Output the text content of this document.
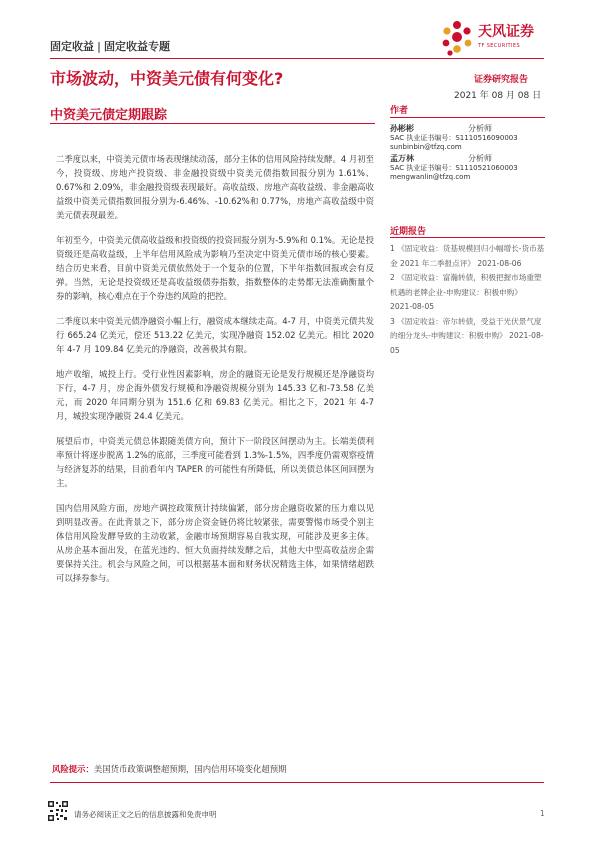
固定收益 | 固定收益专题
天风证券
TF SECURITIES
市场波动，中资美元债有何变化?	证券研究报告
2021 年 08 月 08 日
中资美元债定期跟踪

二季度以来，中资美元债市场表现继续动荡，部分主体的信用风险持续发酵。4 月初至今，投资级、房地产投资级、非金融投资级中资美元债指数回报分别为 1.61%、0.67%和 2.09%，非金融投资级表现最好。高收益级、房地产高收益级、非金融高收益级中资美元债指数回报分别为-6.46%、-10.62%和 0.77%，房地产高收益级中资美元债表现最差。

年初至今，中资美元债高收益级和投资级的投资回报分别为-5.9%和 0.1%。无论是投资级还是高收益级，上半年信用风险成为影响乃至决定中资美元债市场的核心要素。结合历史来看，目前中资美元债依然处于一个复杂的位置，下半年指数回报或会有反弹。当然，无论是投资级还是高收益级债券指数，指数整体的走势都无法准确衡量个券的影响，核心难点在于个券违约风险的把控。

二季度以来中资美元债净融资小幅上行，融资成本继续走高。4-7 月，中资美元债共发行 665.24 亿美元，偿还 513.22 亿美元，实现净融资 152.02 亿美元。相比 2020 年 4-7 月 109.84 亿美元的净融资，改善极其有限。

地产收缩，城投上行。受行业性因素影响，房企的融资无论是发行规模还是净融资均下行，4-7 月，房企海外债发行规模和净融资规模分别为 145.33 亿和-73.58 亿美元，而 2020 年同期分别为 151.6 亿和 69.83 亿美元。相比之下，2021 年 4-7 月，城投实现净融资 24.4 亿美元。

展望后市，中资美元债总体跟随美债方向，预计下一阶段区间摆动为主。长端美债利率预计将逐步脱离 1.2%的底部，三季度可能看到 1.3%-1.5%，四季度仍需观察疫情与经济复苏的结果，目前看年内 TAPER 的可能性有所降低，所以美债总体区间回摆为主。

国内信用风险方面，房地产调控政策预计持续偏紧，部分房企融资收紧的压力难以见到明显改善。在此背景之下，部分房企资金链仍将比较紧张，需要警惕市场受个别主体信用风险发酵导致的主动收紧，金融市场预期容易自我实现，可能涉及更多主体。从房企基本面出发，在蓝光违约、恒大负面持续发酵之后，其他大中型高收益房企需要保持关注。机会与风险之间，可以根据基本面和财务状况精选主体，如果情绪超跌可以择券参与。

作者
孙彬彬	分析师
SAC 执业证书编号：S1110516090003
sunbinbin@tfzq.com
孟万林	分析师
SAC 执业证书编号：S1110521060003
mengwanlin@tfzq.com
近期报告
1 《固定收益：货基规模回归小幅增长-货币基金 2021 年二季报点评》 2021-08-06
2 《固定收益：富瀚转债，积极把握市场重塑机遇的老牌企业-申购建议：积极申购》 2021-08-05
3 《固定收益：帝尔转债，受益于光伏景气度的细分龙头-申购建议：积极申购》 2021-08-05
风险提示：美国货币政策调整超预期，国内信用环境变化超预期
请务必阅读正文之后的信息披露和免责申明	1
